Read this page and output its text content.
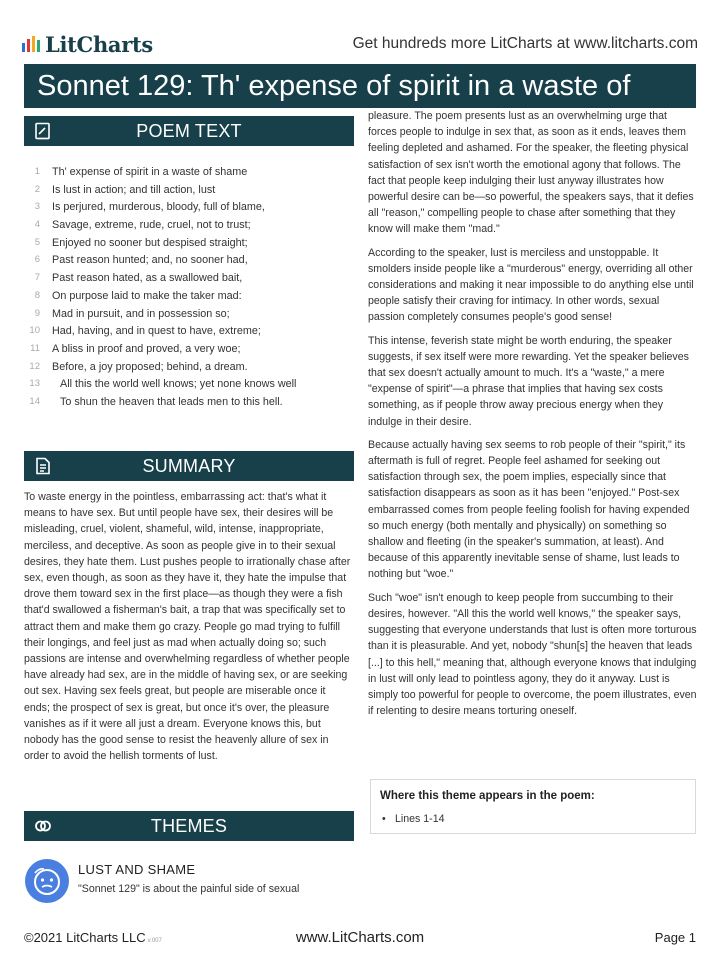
LitCharts	Get hundreds more LitCharts at www.litcharts.com
Sonnet 129: Th' expense of spirit in a waste of
POEM TEXT
1 Th' expense of spirit in a waste of shame
2 Is lust in action; and till action, lust
3 Is perjured, murderous, bloody, full of blame,
4 Savage, extreme, rude, cruel, not to trust;
5 Enjoyed no sooner but despised straight;
6 Past reason hunted; and, no sooner had,
7 Past reason hated, as a swallowed bait,
8 On purpose laid to make the taker mad:
9 Mad in pursuit, and in possession so;
10 Had, having, and in quest to have, extreme;
11 A bliss in proof and proved, a very woe;
12 Before, a joy proposed; behind, a dream.
13 All this the world well knows; yet none knows well
14 To shun the heaven that leads men to this hell.
SUMMARY
To waste energy in the pointless, embarrassing act: that's what it means to have sex. But until people have sex, their desires will be misleading, cruel, violent, shameful, wild, intense, inappropriate, merciless, and deceptive. As soon as people give in to their sexual desires, they hate them. Lust pushes people to irrationally chase after sex, even though, as soon as they have it, they hate the impulse that drove them toward sex in the first place—as though they were a fish that'd swallowed a fisherman's bait, a trap that was specifically set to attract them and make them go crazy. People go mad trying to fulfill their longings, and feel just as mad when actually doing so; such passions are intense and overwhelming regardless of whether people have already had sex, are in the middle of having sex, or are seeking out sex. Having sex feels great, but people are miserable once it ends; the prospect of sex is great, but once it's over, the pleasure vanishes as if it were all just a dream. Everyone knows this, but nobody has the good sense to resist the heavenly allure of sex in order to avoid the hellish torments of lust.
THEMES
LUST AND SHAME
"Sonnet 129" is about the painful side of sexual

pleasure. The poem presents lust as an overwhelming urge that forces people to indulge in sex that, as soon as it ends, leaves them feeling depleted and ashamed. For the speaker, the fleeting physical satisfaction of sex isn't worth the emotional agony that follows. The fact that people keep indulging their lust anyway illustrates how powerful desire can be—so powerful, the speakers says, that it defies all "reason," compelling people to chase after something that they know will make them "mad."

According to the speaker, lust is merciless and unstoppable. It smolders inside people like a "murderous" energy, overriding all other considerations and making it near impossible to do anything else until people satisfy their craving for intimacy. In other words, sexual passion completely consumes people's good sense!

This intense, feverish state might be worth enduring, the speaker suggests, if sex itself were more rewarding. Yet the speaker believes that sex doesn't actually amount to much. It's a "waste," a mere "expense of spirit"—a phrase that implies that having sex costs something, as if people throw away precious energy when they indulge in their desire.

Because actually having sex seems to rob people of their "spirit," its aftermath is full of regret. People feel ashamed for seeking out satisfaction through sex, the poem implies, especially since that satisfaction disappears as soon as it has been "enjoyed." Post-sex embarrassed comes from people feeling foolish for having expended so much energy (both mentally and physically) on something so shallow and fleeting (in the speaker's summation, at least). And because of this apparently inevitable sense of shame, lust leads to nothing but "woe."

Such "woe" isn't enough to keep people from succumbing to their desires, however. "All this the world well knows," the speaker says, suggesting that everyone understands that lust is often more torturous than it is pleasurable. And yet, nobody "shun[s] the heaven that leads [...] to this hell," meaning that, although everyone knows that indulging in lust will only lead to pointless agony, they do it anyway. Lust is simply too powerful for people to overcome, the poem illustrates, even if relenting to desire means torturing oneself.

Where this theme appears in the poem:
• Lines 1-14
©2021 LitCharts LLC v.007	www.LitCharts.com	Page 1
